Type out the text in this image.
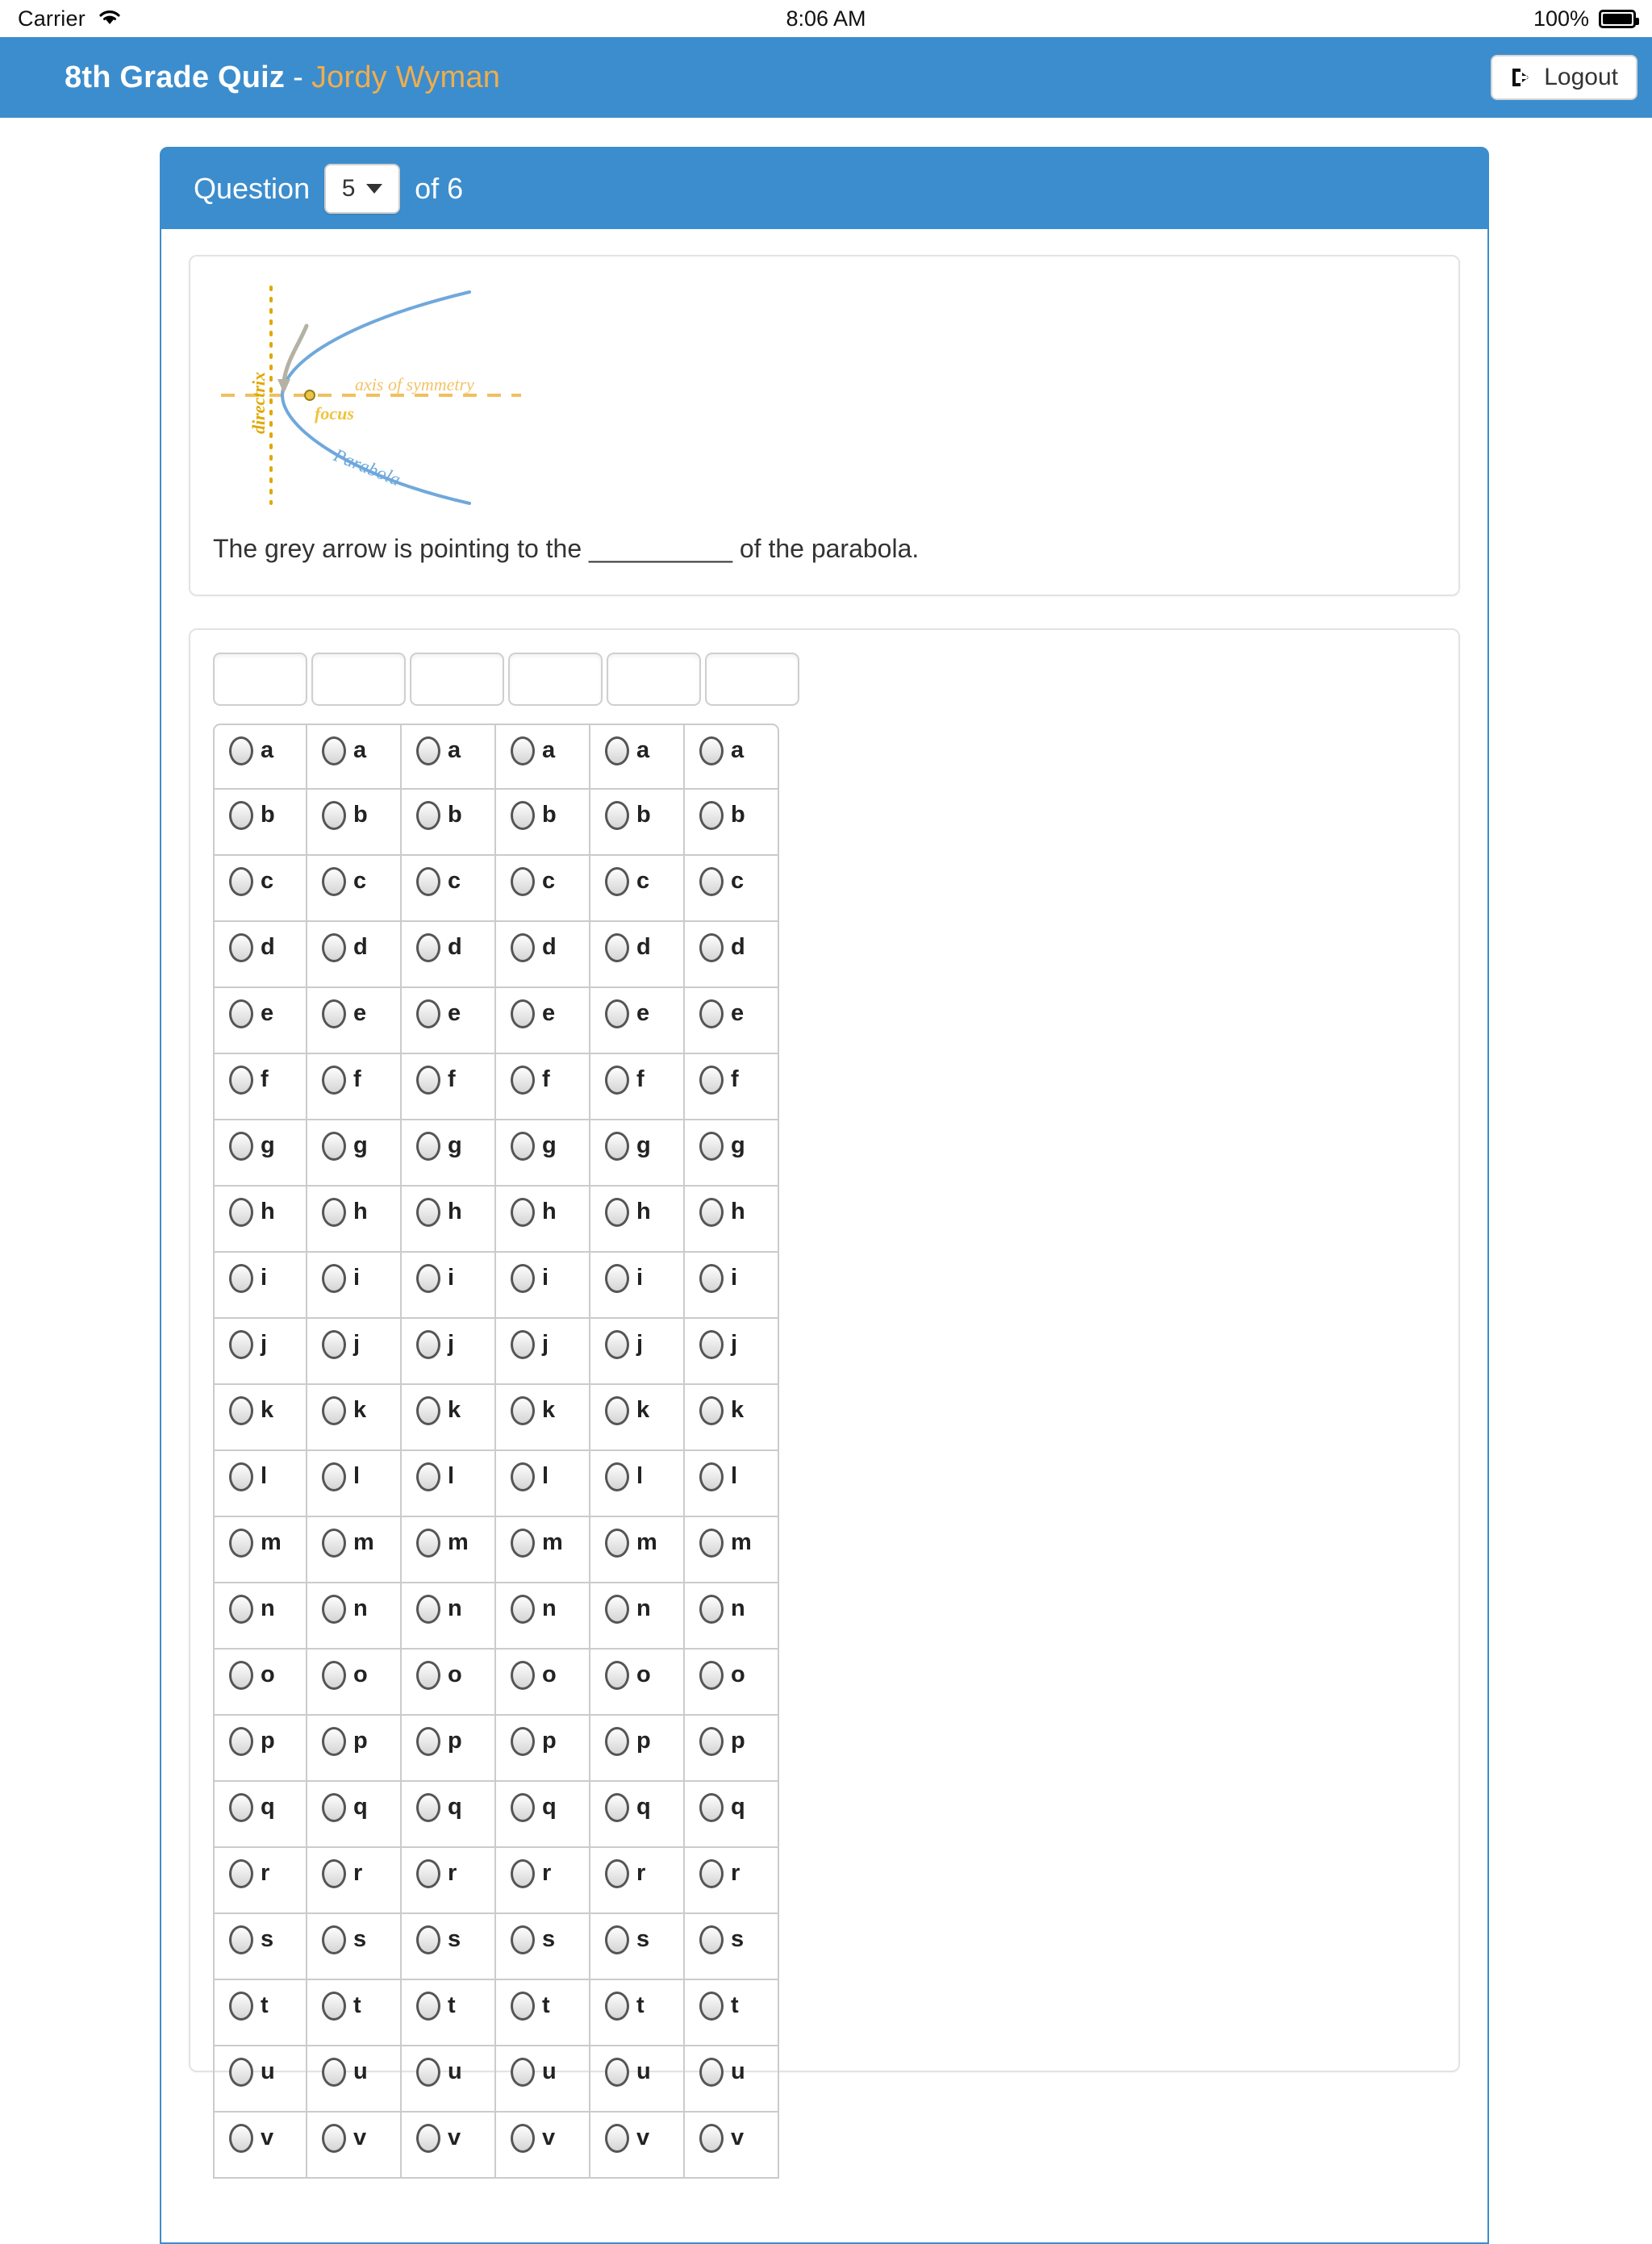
Carrier	8:06 AM	100%
8th Grade Quiz - Jordy Wyman	Logout
Question 5 of 6
axis of symmetry
focus
directrix
Parabola
The grey arrow is pointing to the __________ of the parabola.
a	a	a	a	a	a
b	b	b	b	b	b
c	c	c	c	c	c
d	d	d	d	d	d
e	e	e	e	e	e
f	f	f	f	f	f
g	g	g	g	g	g
h	h	h	h	h	h
i	i	i	i	i	i
j	j	j	j	j	j
k	k	k	k	k	k
l	l	l	l	l	l
m	m	m	m	m	m
n	n	n	n	n	n
o	o	o	o	o	o
p	p	p	p	p	p
q	q	q	q	q	q
r	r	r	r	r	r
s	s	s	s	s	s
t	t	t	t	t	t
u	u	u	u	u	u
v	v	v	v	v	v
